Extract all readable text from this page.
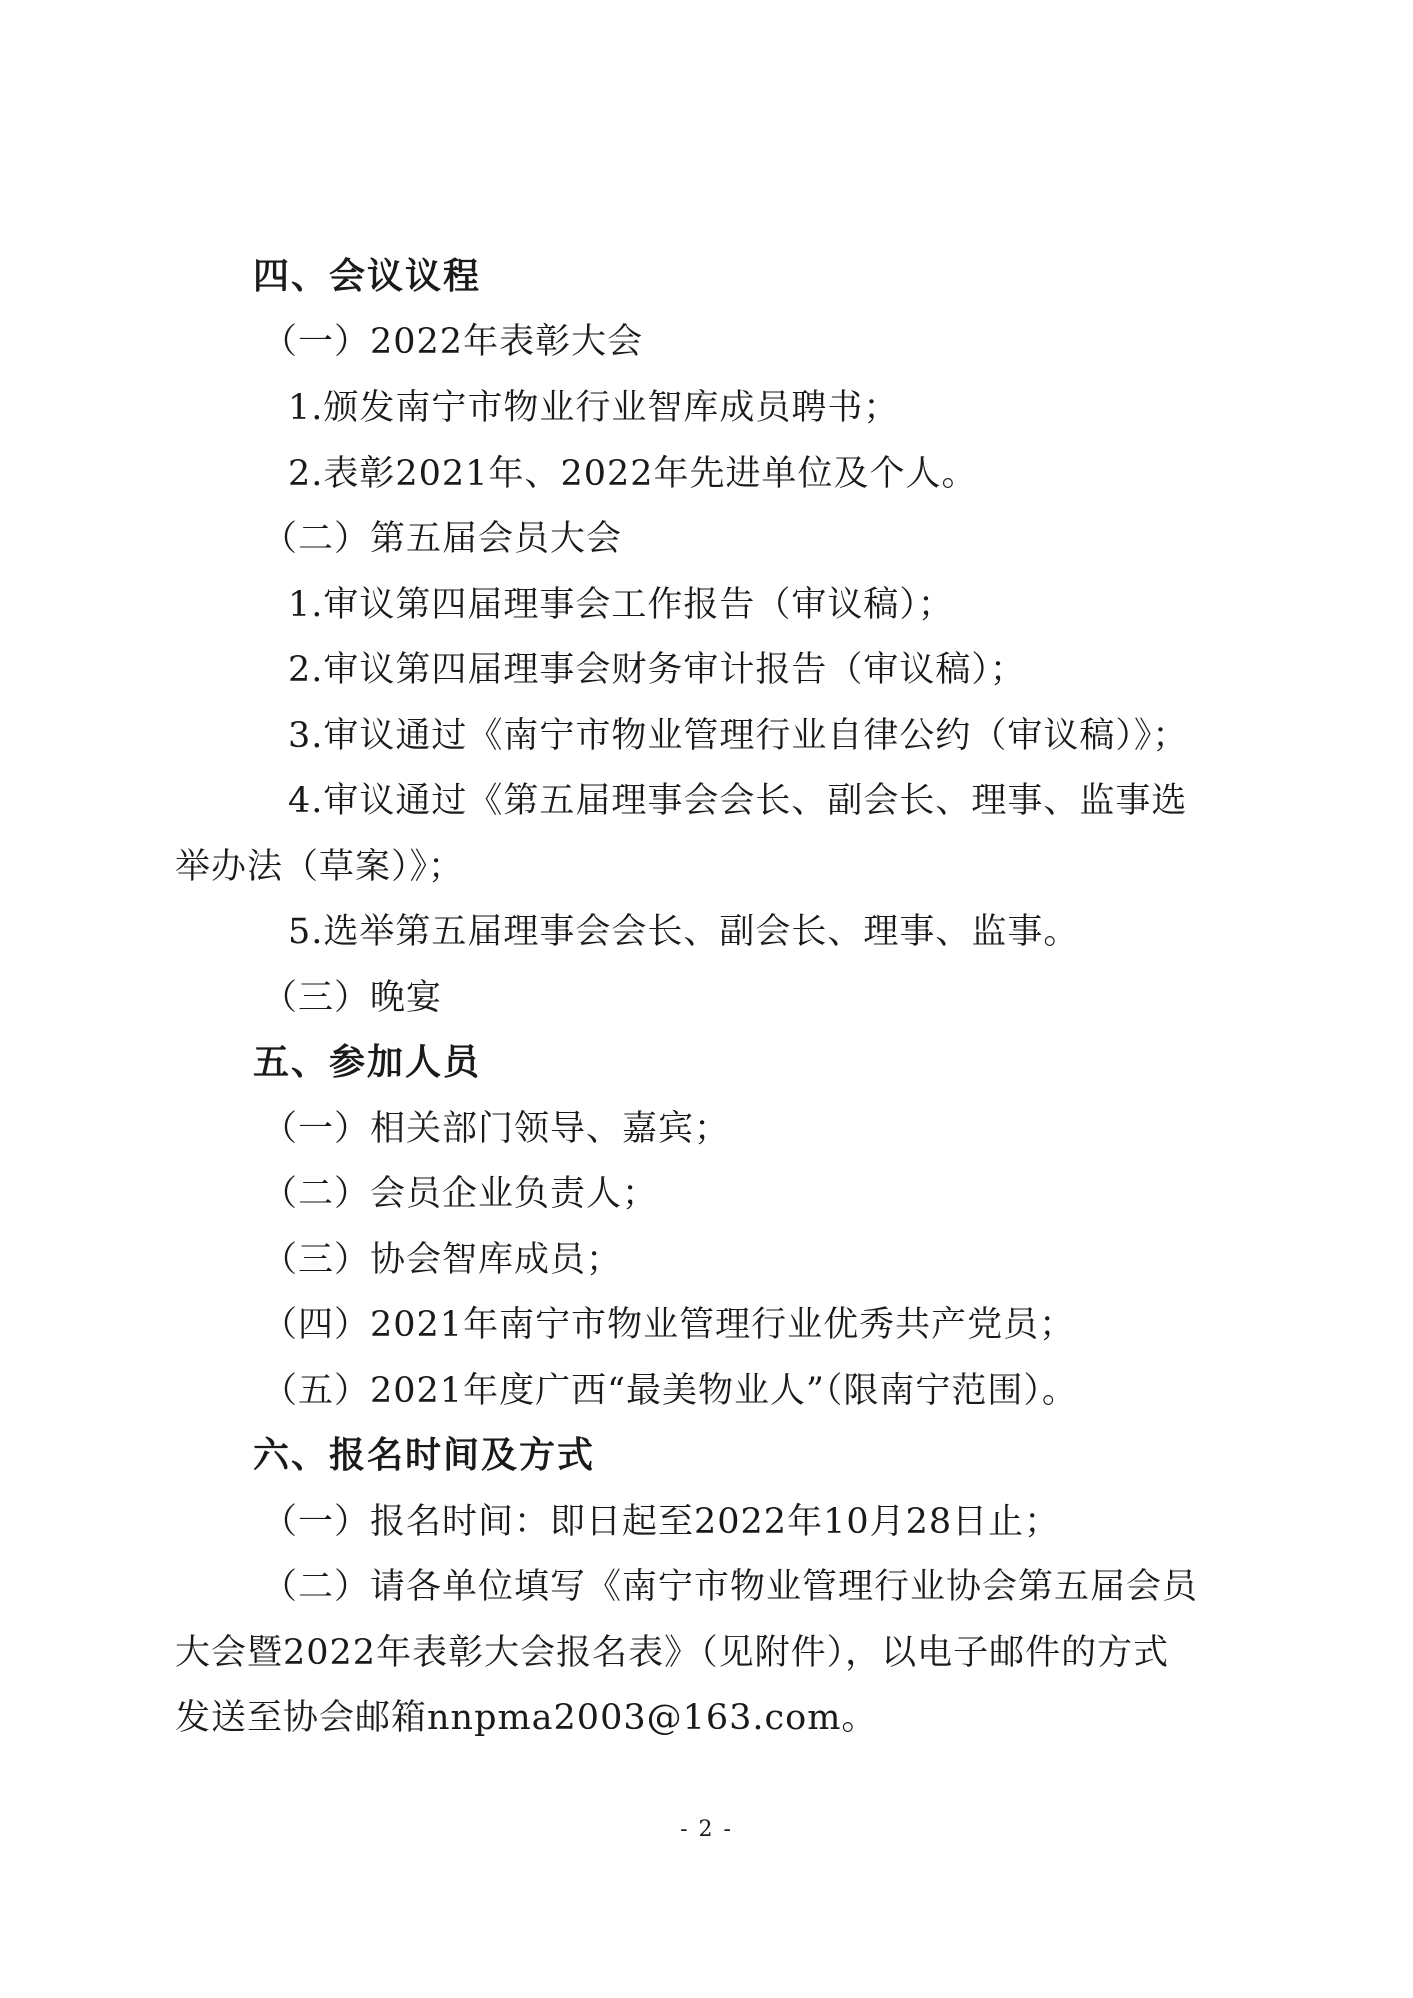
四、会议议程
（一）2022年表彰大会
1.颁发南宁市物业行业智库成员聘书；
2.表彰2021年、2022年先进单位及个人。
（二）第五届会员大会
1.审议第四届理事会工作报告（审议稿）；
2.审议第四届理事会财务审计报告（审议稿）；
3.审议通过《南宁市物业管理行业自律公约（审议稿）》；
4.审议通过《第五届理事会会长、副会长、理事、监事选
举办法（草案）》；
5.选举第五届理事会会长、副会长、理事、监事。
（三）晚宴
五、参加人员
（一）相关部门领导、嘉宾；
（二）会员企业负责人；
（三）协会智库成员；
（四）2021年南宁市物业管理行业优秀共产党员；
（五）2021年度广西“最美物业人”（限南宁范围）。
六、报名时间及方式
（一）报名时间：即日起至2022年10月28日止；
（二）请各单位填写《南宁市物业管理行业协会第五届会员
大会暨2022年表彰大会报名表》（见附件），以电子邮件的方式
发送至协会邮箱nnpma2003@163.com。
- 2 -
